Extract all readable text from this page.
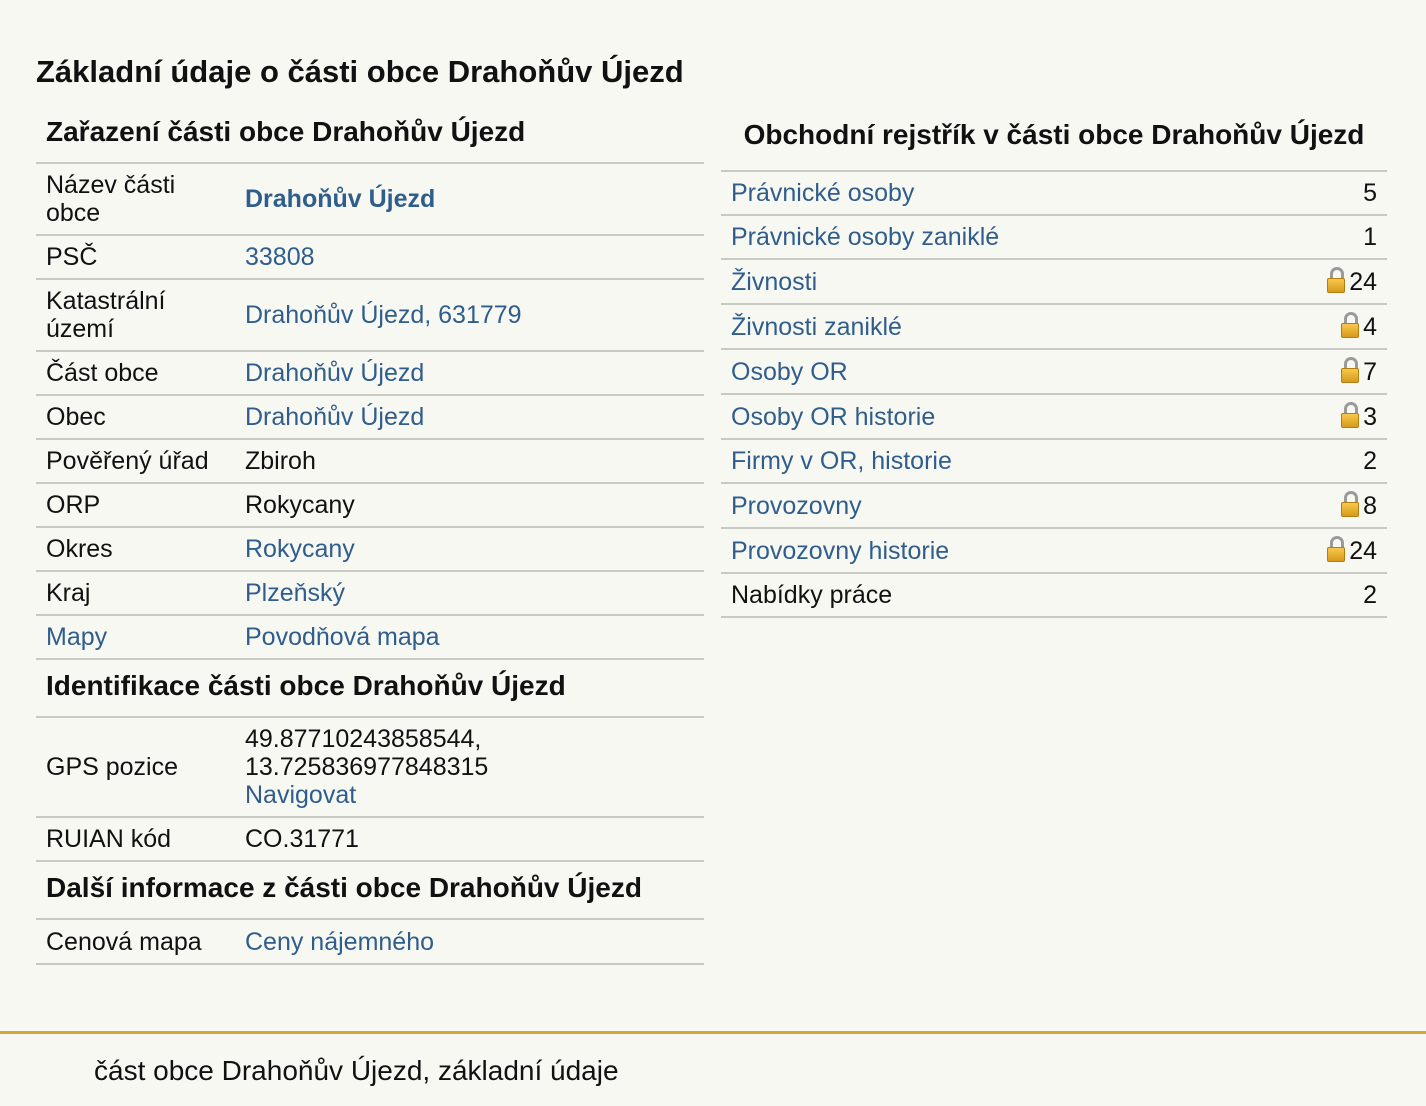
Základní údaje o části obce Drahoňův Újezd
Zařazení části obce Drahoňův Újezd
Název části obce	Drahoňův Újezd
PSČ	33808
Katastrální území	Drahoňův Újezd, 631779
Část obce	Drahoňův Újezd
Obec	Drahoňův Újezd
Pověřený úřad	Zbiroh
ORP	Rokycany
Okres	Rokycany
Kraj	Plzeňský
Mapy	Povodňová mapa
Identifikace části obce Drahoňův Újezd
GPS pozice	49.87710243858544,
13.725836977848315
Navigovat
RUIAN kód	CO.31771
Další informace z části obce Drahoňův Újezd
Cenová mapa	Ceny nájemného
Obchodní rejstřík v části obce Drahoňův Újezd
Právnické osoby	5
Právnické osoby zaniklé	1
Živnosti	24
Živnosti zaniklé	4
Osoby OR	7
Osoby OR historie	3
Firmy v OR, historie	2
Provozovny	8
Provozovny historie	24
Nabídky práce	2
část obce Drahoňův Újezd, základní údaje
